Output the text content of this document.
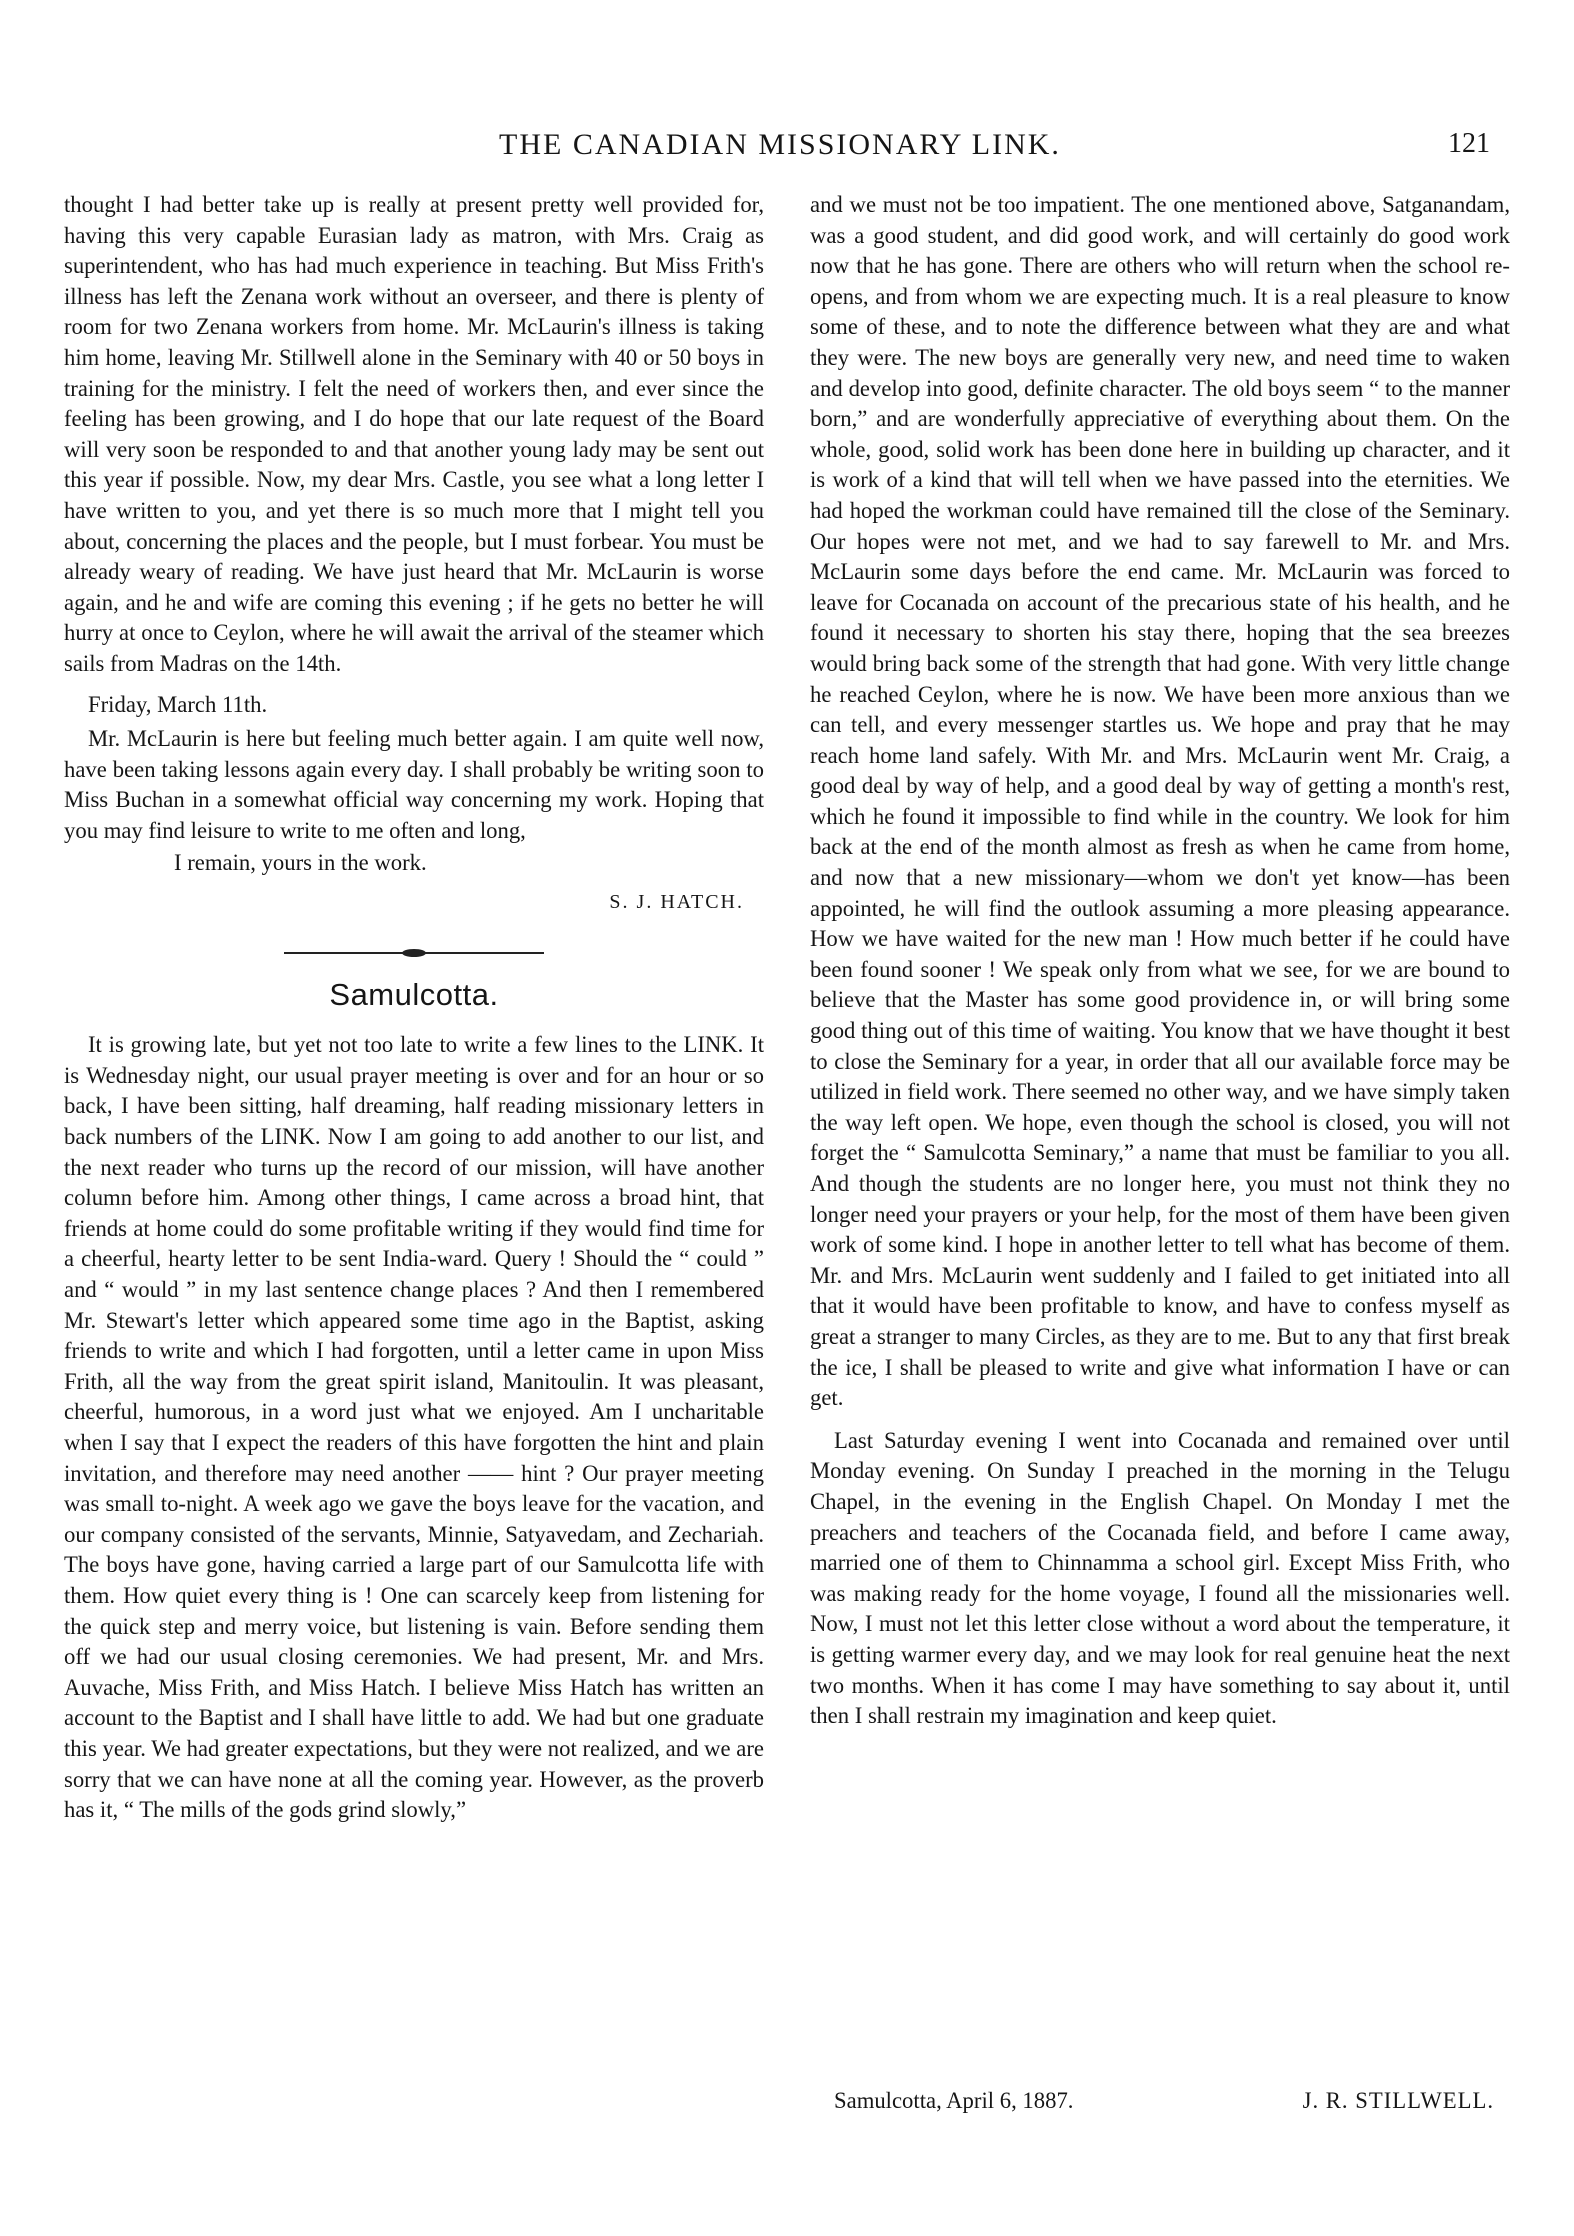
THE CANADIAN MISSIONARY LINK.	121

thought I had better take up is really at present pretty well provided for, having this very capable Eurasian lady as matron, with Mrs. Craig as superintendent, who has had much experience in teaching. But Miss Frith's illness has left the Zenana work without an overseer, and there is plenty of room for two Zenana workers from home. Mr. McLaurin's illness is taking him home, leaving Mr. Stillwell alone in the Seminary with 40 or 50 boys in training for the ministry. I felt the need of workers then, and ever since the feeling has been growing, and I do hope that our late request of the Board will very soon be responded to and that another young lady may be sent out this year if possible. Now, my dear Mrs. Castle, you see what a long letter I have written to you, and yet there is so much more that I might tell you about, concerning the places and the people, but I must forbear. You must be already weary of reading. We have just heard that Mr. McLaurin is worse again, and he and wife are coming this evening ; if he gets no better he will hurry at once to Ceylon, where he will await the arrival of the steamer which sails from Madras on the 14th.

Friday, March 11th.

Mr. McLaurin is here but feeling much better again. I am quite well now, have been taking lessons again every day. I shall probably be writing soon to Miss Buchan in a somewhat official way concerning my work. Hoping that you may find leisure to write to me often and long,

I remain, yours in the work.

S. J. HATCH.

Samulcotta.

It is growing late, but yet not too late to write a few lines to the LINK. It is Wednesday night, our usual prayer meeting is over and for an hour or so back, I have been sitting, half dreaming, half reading missionary letters in back numbers of the LINK. Now I am going to add another to our list, and the next reader who turns up the record of our mission, will have another column before him. Among other things, I came across a broad hint, that friends at home could do some profitable writing if they would find time for a cheerful, hearty letter to be sent India-ward. Query ! Should the “ could ” and “ would ” in my last sentence change places ? And then I remembered Mr. Stewart's letter which appeared some time ago in the Baptist, asking friends to write and which I had forgotten, until a letter came in upon Miss Frith, all the way from the great spirit island, Manitoulin. It was pleasant, cheerful, humorous, in a word just what we enjoyed. Am I uncharitable when I say that I expect the readers of this have forgotten the hint and plain invitation, and therefore may need another —— hint ? Our prayer meeting was small to-night. A week ago we gave the boys leave for the vacation, and our company consisted of the servants, Minnie, Satyavedam, and Zechariah. The boys have gone, having carried a large part of our Samulcotta life with them. How quiet every thing is ! One can scarcely keep from listening for the quick step and merry voice, but listening is vain. Before sending them off we had our usual closing ceremonies. We had present, Mr. and Mrs. Auvache, Miss Frith, and Miss Hatch. I believe Miss Hatch has written an account to the Baptist and I shall have little to add. We had but one graduate this year. We had greater expectations, but they were not realized, and we are sorry that we can have none at all the coming year. However, as the proverb has it, “ The mills of the gods grind slowly,”

and we must not be too impatient. The one mentioned above, Satganandam, was a good student, and did good work, and will certainly do good work now that he has gone. There are others who will return when the school re-opens, and from whom we are expecting much. It is a real pleasure to know some of these, and to note the difference between what they are and what they were. The new boys are generally very new, and need time to waken and develop into good, definite character. The old boys seem “ to the manner born,” and are wonderfully appreciative of everything about them. On the whole, good, solid work has been done here in building up character, and it is work of a kind that will tell when we have passed into the eternities. We had hoped the workman could have remained till the close of the Seminary. Our hopes were not met, and we had to say farewell to Mr. and Mrs. McLaurin some days before the end came. Mr. McLaurin was forced to leave for Cocanada on account of the precarious state of his health, and he found it necessary to shorten his stay there, hoping that the sea breezes would bring back some of the strength that had gone. With very little change he reached Ceylon, where he is now. We have been more anxious than we can tell, and every messenger startles us. We hope and pray that he may reach home land safely. With Mr. and Mrs. McLaurin went Mr. Craig, a good deal by way of help, and a good deal by way of getting a month's rest, which he found it impossible to find while in the country. We look for him back at the end of the month almost as fresh as when he came from home, and now that a new missionary—whom we don't yet know—has been appointed, he will find the outlook assuming a more pleasing appearance. How we have waited for the new man ! How much better if he could have been found sooner ! We speak only from what we see, for we are bound to believe that the Master has some good providence in, or will bring some good thing out of this time of waiting. You know that we have thought it best to close the Seminary for a year, in order that all our available force may be utilized in field work. There seemed no other way, and we have simply taken the way left open. We hope, even though the school is closed, you will not forget the “ Samulcotta Seminary,” a name that must be familiar to you all. And though the students are no longer here, you must not think they no longer need your prayers or your help, for the most of them have been given work of some kind. I hope in another letter to tell what has become of them. Mr. and Mrs. McLaurin went suddenly and I failed to get initiated into all that it would have been profitable to know, and have to confess myself as great a stranger to many Circles, as they are to me. But to any that first break the ice, I shall be pleased to write and give what information I have or can get.

Last Saturday evening I went into Cocanada and remained over until Monday evening. On Sunday I preached in the morning in the Telugu Chapel, in the evening in the English Chapel. On Monday I met the preachers and teachers of the Cocanada field, and before I came away, married one of them to Chinnamma a school girl. Except Miss Frith, who was making ready for the home voyage, I found all the missionaries well. Now, I must not let this letter close without a word about the temperature, it is getting warmer every day, and we may look for real genuine heat the next two months. When it has come I may have something to say about it, until then I shall restrain my imagination and keep quiet.

Samulcotta, April 6, 1887.	J. R. STILLWELL.
